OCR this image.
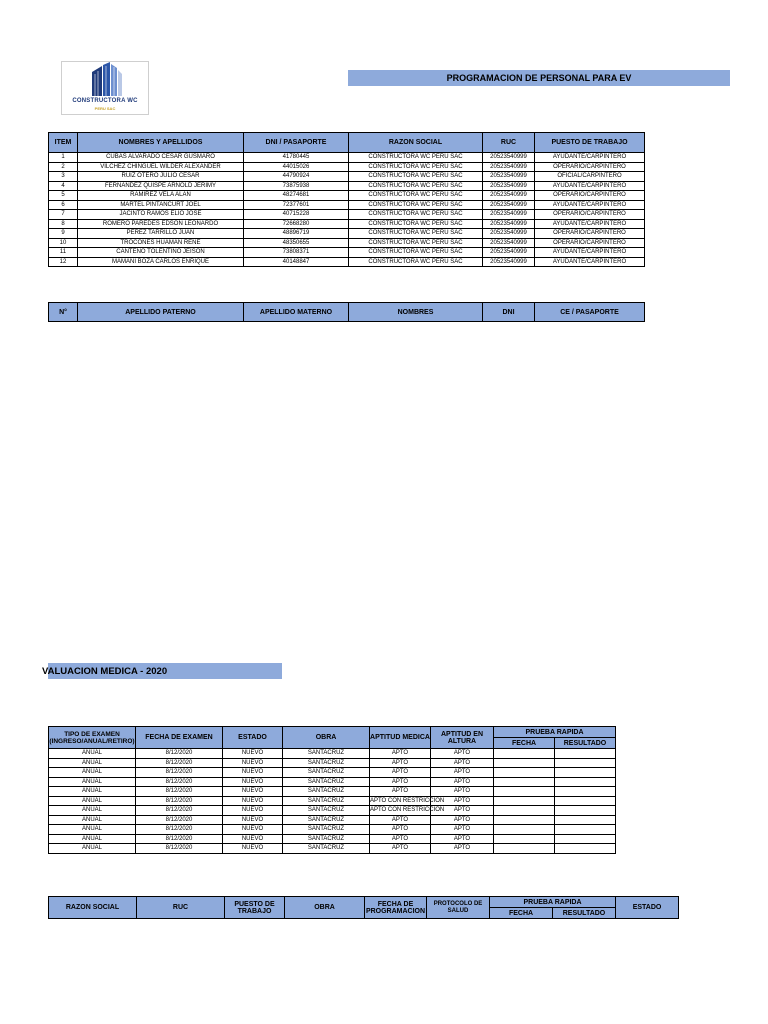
CONSTRUCTORA WC
PERU SAC
PROGRAMACION DE PERSONAL PARA EV
ITEM	NOMBRES Y APELLIDOS	DNI / PASAPORTE	RAZON SOCIAL	RUC	PUESTO DE TRABAJO
1	CUBAS ALVARADO CESAR GUSMARO	41780445	CONSTRUCTORA WC PERU SAC	20523540999	AYUDANTE/CARPINTERO
2	VILCHEZ CHINGUEL WILDER ALEXANDER	44015026	CONSTRUCTORA WC PERU SAC	20523540999	OPERARIO/CARPINTERO
3	RUIZ OTERO JULIO CESAR	44790924	CONSTRUCTORA WC PERU SAC	20523540999	OFICIAL/CARPINTERO
4	FERNANDEZ QUISPE ARNOLD JERIMY	73875938	CONSTRUCTORA WC PERU SAC	20523540999	AYUDANTE/CARPINTERO
5	RAMIREZ VELA ALAN	48274681	CONSTRUCTORA WC PERU SAC	20523540999	OPERARIO/CARPINTERO
6	MARTEL PINTANCURT JOEL	72377601	CONSTRUCTORA WC PERU SAC	20523540999	AYUDANTE/CARPINTERO
7	JACINTO RAMOS ELIO JOSE	40715228	CONSTRUCTORA WC PERU SAC	20523540999	OPERARIO/CARPINTERO
8	ROMERO PAREDES EDSON LEONARDO	72668280	CONSTRUCTORA WC PERU SAC	20523540999	AYUDANTE/CARPINTERO
9	PEREZ TARRILLO JUAN	48896719	CONSTRUCTORA WC PERU SAC	20523540999	OPERARIO/CARPINTERO
10	TROCONES HUAMAN RENE	48350655	CONSTRUCTORA WC PERU SAC	20523540999	OPERARIO/CARPINTERO
11	CANTENO TOLENTINO JEISON	73808371	CONSTRUCTORA WC PERU SAC	20523540999	AYUDANTE/CARPINTERO
12	MAMANI BOZA CARLOS ENRIQUE	40148847	CONSTRUCTORA WC PERU SAC	20523540999	AYUDANTE/CARPINTERO
N°	APELLIDO PATERNO	APELLIDO MATERNO	NOMBRES	DNI	CE / PASAPORTE
VALUACION MEDICA - 2020
TIPO DE EXAMEN (INGRESO/ANUAL/RETIRO)	FECHA DE EXAMEN	ESTADO	OBRA	APTITUD MEDICA	APTITUD EN ALTURA	PRUEBA RAPIDA	
						FECHA	RESULTADO
ANUAL	8/12/2020	NUEVO	SANTACRUZ	APTO	APTO		
ANUAL	8/12/2020	NUEVO	SANTACRUZ	APTO	APTO		
ANUAL	8/12/2020	NUEVO	SANTACRUZ	APTO	APTO		
ANUAL	8/12/2020	NUEVO	SANTACRUZ	APTO	APTO		
ANUAL	8/12/2020	NUEVO	SANTACRUZ	APTO	APTO		
ANUAL	8/12/2020	NUEVO	SANTACRUZ	APTO CON RESTRICCION	APTO		
ANUAL	8/12/2020	NUEVO	SANTACRUZ	APTO CON RESTRICCION	APTO		
ANUAL	8/12/2020	NUEVO	SANTACRUZ	APTO	APTO		
ANUAL	8/12/2020	NUEVO	SANTACRUZ	APTO	APTO		
ANUAL	8/12/2020	NUEVO	SANTACRUZ	APTO	APTO		
ANUAL	8/12/2020	NUEVO	SANTACRUZ	APTO	APTO		
RAZON SOCIAL	RUC	PUESTO DE TRABAJO	OBRA	FECHA DE PROGRAMACION	PROTOCOLO DE SALUD	PRUEBA RAPIDA		ESTADO
						FECHA	RESULTADO	
